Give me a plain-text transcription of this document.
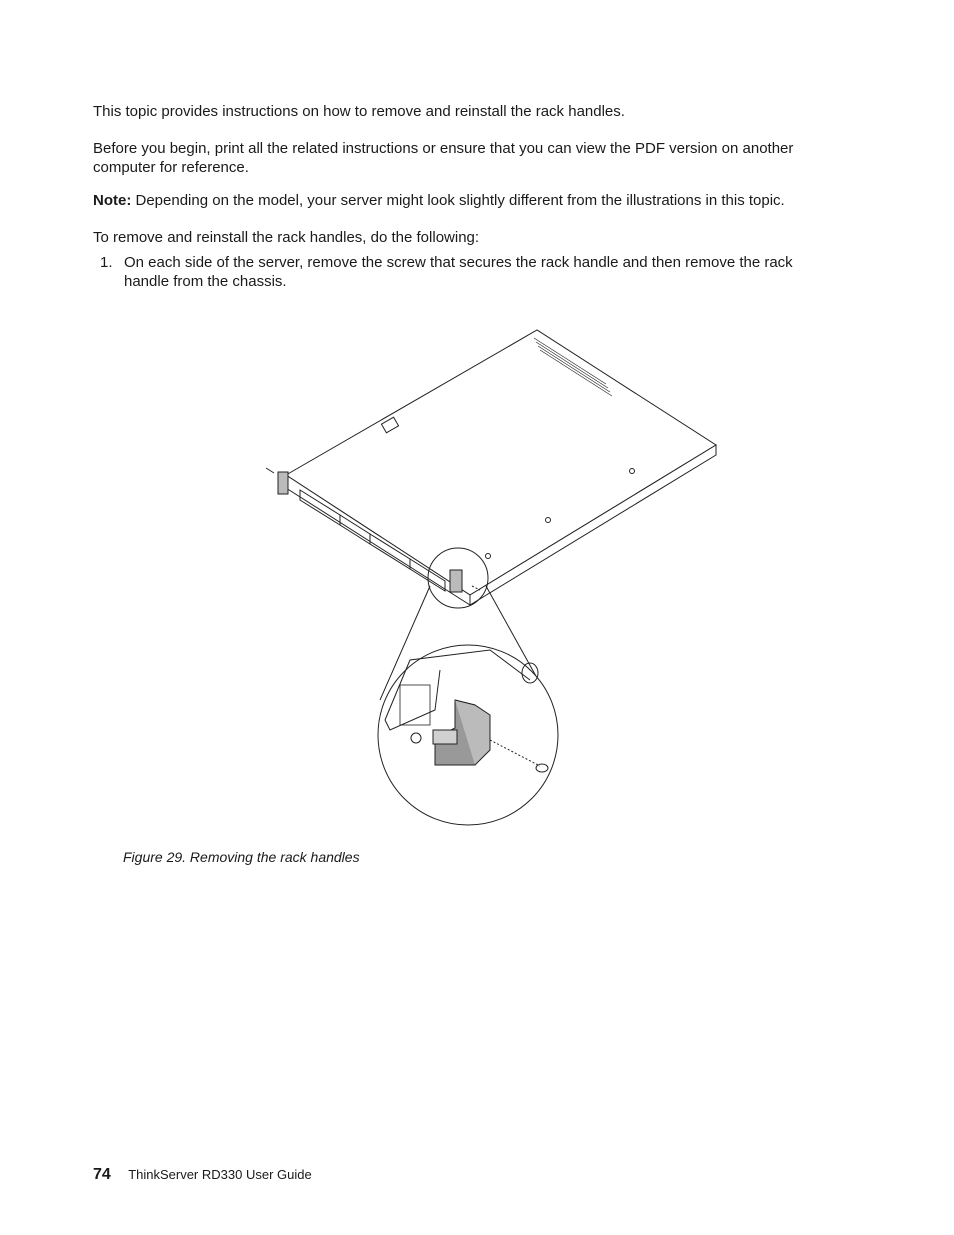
This topic provides instructions on how to remove and reinstall the rack handles.

Before you begin, print all the related instructions or ensure that you can view the PDF version on another computer for reference.

Note: Depending on the model, your server might look slightly different from the illustrations in this topic.

To remove and reinstall the rack handles, do the following:

1. On each side of the server, remove the screw that secures the rack handle and then remove the rack handle from the chassis.
Figure 29. Removing the rack handles
74 ThinkServer RD330 User Guide
